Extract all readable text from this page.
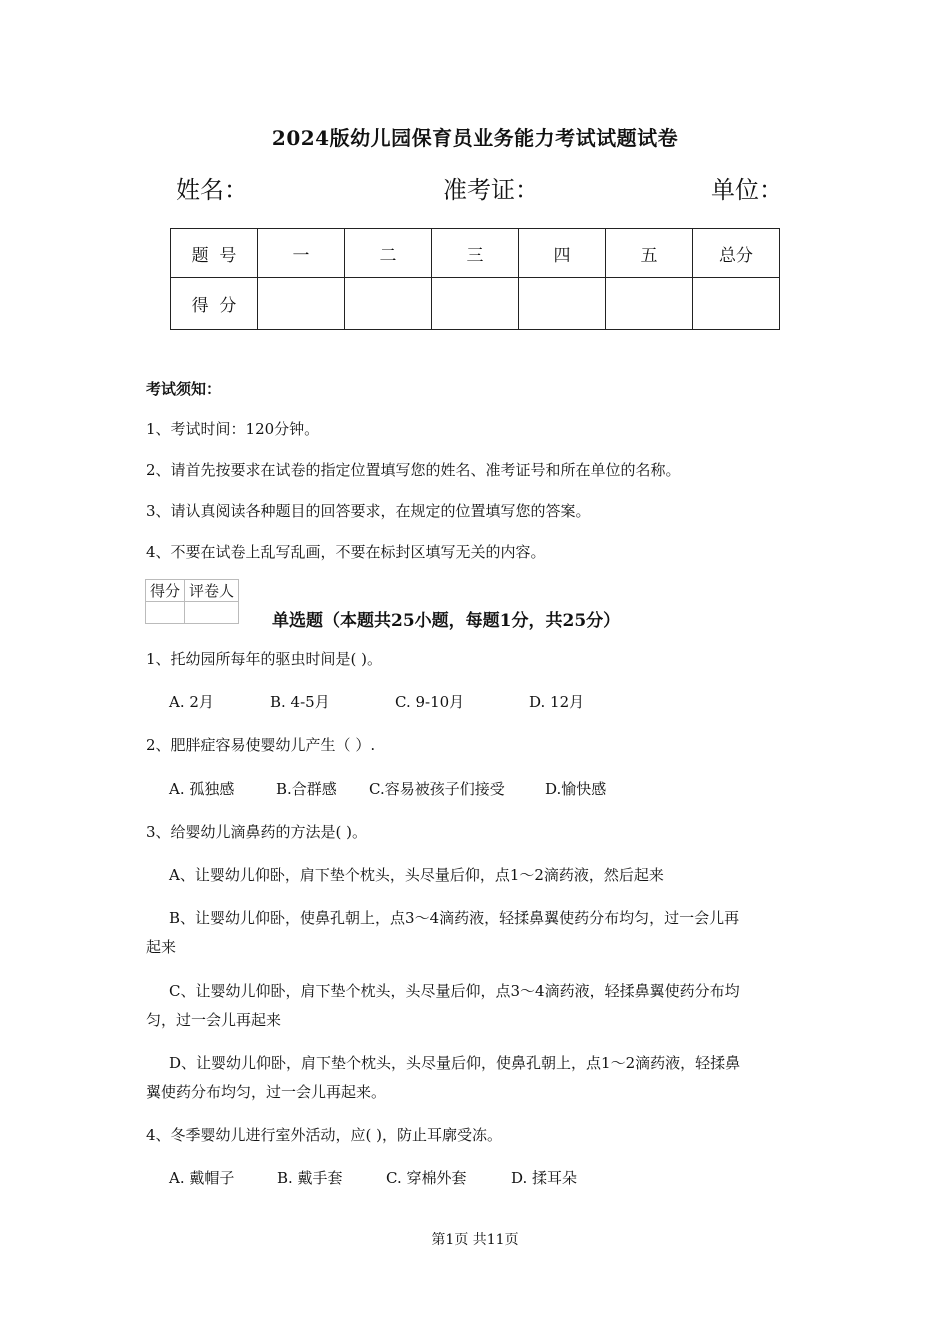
2024版幼儿园保育员业务能力考试试题试卷
姓名：	准考证：	单位：
题  号	一	二	三	四	五	总分
得  分						
考试须知：
1、考试时间：120分钟。
2、请首先按要求在试卷的指定位置填写您的姓名、准考证号和所在单位的名称。
3、请认真阅读各种题目的回答要求，在规定的位置填写您的答案。
4、不要在试卷上乱写乱画，不要在标封区填写无关的内容。
得分	评卷人

单选题（本题共25小题，每题1分，共25分）
1、托幼园所每年的驱虫时间是( )。
A. 2月	B. 4-5月	C. 9-10月	D. 12月
2、肥胖症容易使婴幼儿产生（ ）.
A. 孤独感	B.合群感 C.容易被孩子们接受	D.愉快感
3、给婴幼儿滴鼻药的方法是( )。
A、让婴幼儿仰卧，肩下垫个枕头，头尽量后仰，点1～2滴药液，然后起来
B、让婴幼儿仰卧，使鼻孔朝上，点3～4滴药液，轻揉鼻翼使药分布均匀，过一会儿再
起来
C、让婴幼儿仰卧，肩下垫个枕头，头尽量后仰，点3～4滴药液，轻揉鼻翼使药分布均
匀，过一会儿再起来
D、让婴幼儿仰卧，肩下垫个枕头，头尽量后仰，使鼻孔朝上，点1～2滴药液，轻揉鼻
翼使药分布均匀，过一会儿再起来。
4、冬季婴幼儿进行室外活动，应( )，防止耳廓受冻。
A. 戴帽子	B. 戴手套	C. 穿棉外套	D. 揉耳朵
第1页 共11页
